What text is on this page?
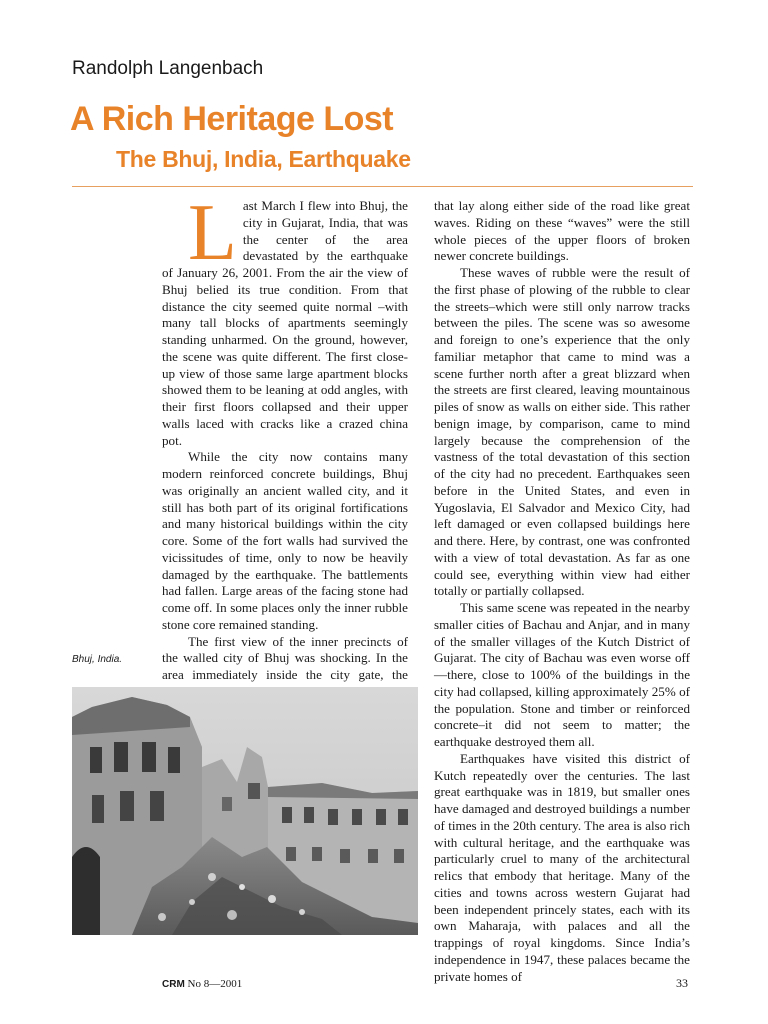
Randolph Langenbach

A Rich Heritage Lost
The Bhuj, India, Earthquake

Last March I flew into Bhuj, the city in Gujarat, India, that was the center of the area devastated by the earthquake of January 26, 2001. From the air the view of Bhuj belied its true condition. From that distance the city seemed quite normal –with many tall blocks of apartments seemingly standing unharmed. On the ground, however, the scene was quite different. The first close-up view of those same large apartment blocks showed them to be leaning at odd angles, with their first floors collapsed and their upper walls laced with cracks like a crazed china pot.

While the city now contains many modern reinforced concrete buildings, Bhuj was originally an ancient walled city, and it still has both part of its original fortifications and many historical buildings within the city core. Some of the fort walls had survived the vicissitudes of time, only to now be heavily damaged by the earthquake. The battlements had fallen. Large areas of the facing stone had come off. In some places only the inner rubble stone core remained standing.

The first view of the inner precincts of the walled city of Bhuj was shocking. In the area immediately inside the city gate, the

that lay along either side of the road like great waves. Riding on these “waves” were the still whole pieces of the upper floors of broken newer concrete buildings.

These waves of rubble were the result of the first phase of plowing of the rubble to clear the streets–which were still only narrow tracks between the piles. The scene was so awesome and foreign to one’s experience that the only familiar metaphor that came to mind was a scene further north after a great blizzard when the streets are first cleared, leaving mountainous piles of snow as walls on either side. This rather benign image, by comparison, came to mind largely because the comprehension of the vastness of the total devastation of this section of the city had no precedent. Earthquakes seen before in the United States, and even in Yugoslavia, El Salvador and Mexico City, had left damaged or even collapsed buildings here and there. Here, by contrast, one was confronted with a view of total devastation. As far as one could see, everything within view had either totally or partially collapsed.

This same scene was repeated in the nearby smaller cities of Bachau and Anjar, and in many of the smaller villages of the Kutch District of Gujarat. The city of Bachau was even worse off—there, close to 100% of the buildings in the city had collapsed, killing approximately 25% of the population. Stone and timber or reinforced concrete–it did not seem to matter; the earthquake destroyed them all.

Earthquakes have visited this district of Kutch repeatedly over the centuries. The last great earthquake was in 1819, but smaller ones have damaged and destroyed buildings a number of times in the 20th century. The area is also rich with cultural heritage, and the earthquake was particularly cruel to many of the architectural relics that embody that heritage. Many of the cities and towns across western Gujarat had been independent princely states, each with its own Maharaja, with palaces and all the trappings of royal kingdoms. Since India’s independence in 1947, these palaces became the private homes of

Bhuj, India.

CRM No 8—2001	33
